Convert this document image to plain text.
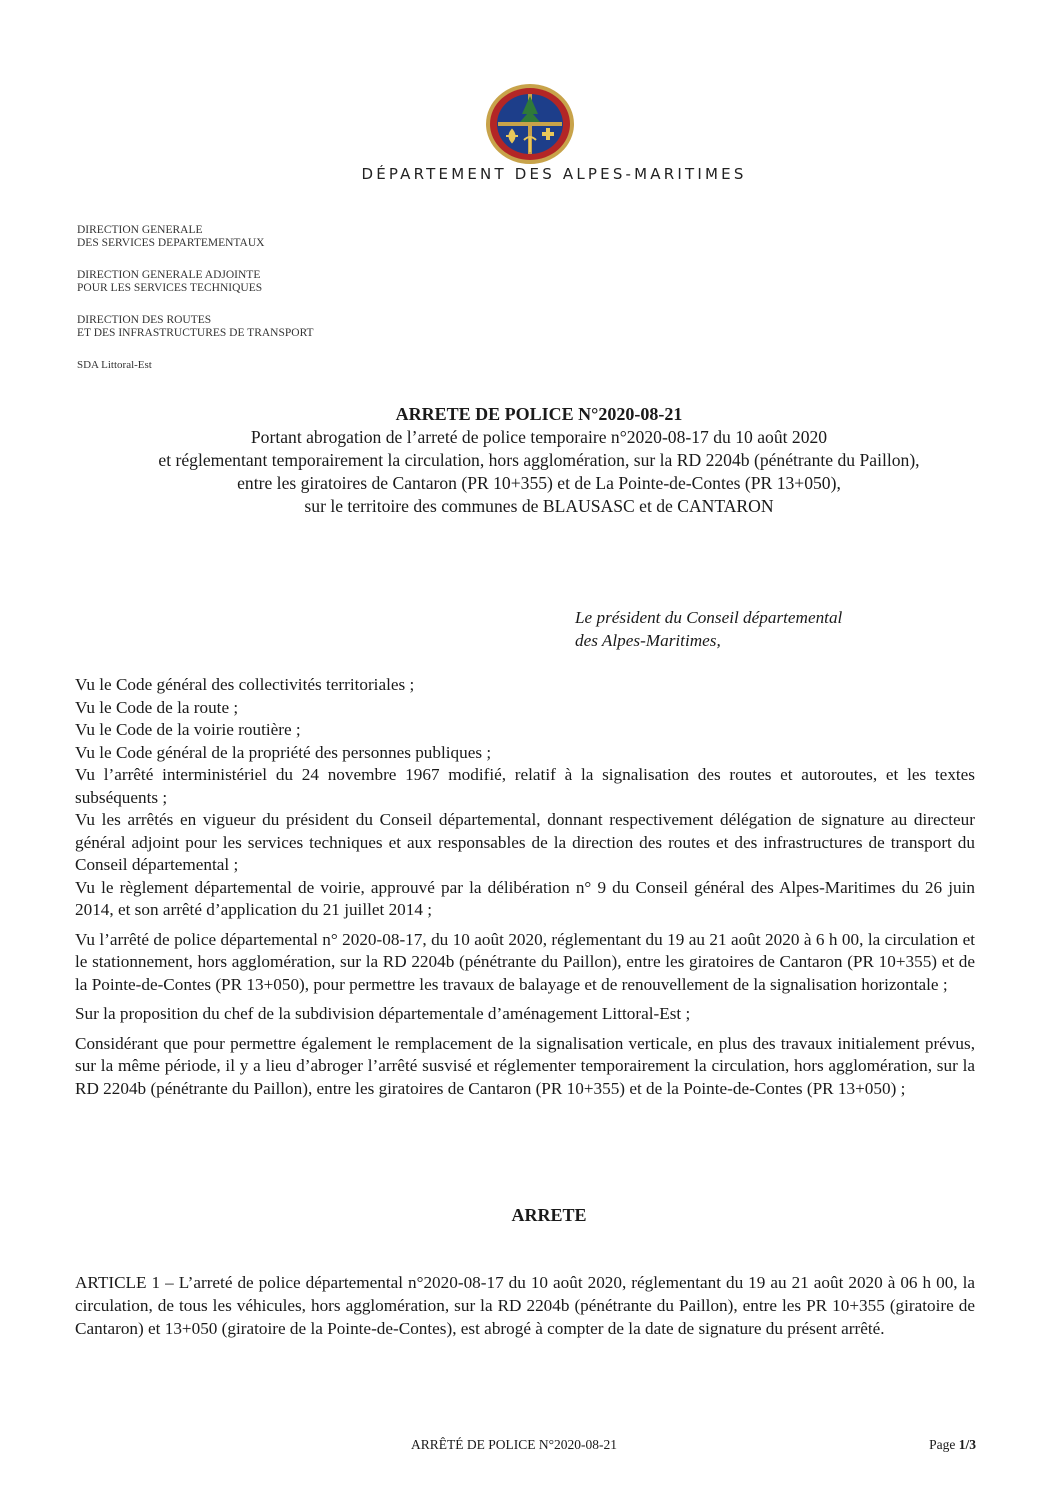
DÉPARTEMENT DES ALPES-MARITIMES
DIRECTION GENERALE
DES SERVICES DEPARTEMENTAUX
DIRECTION GENERALE ADJOINTE
POUR LES SERVICES TECHNIQUES
DIRECTION DES ROUTES
ET DES INFRASTRUCTURES DE TRANSPORT
SDA Littoral-Est
ARRETE DE POLICE N°2020-08-21
Portant abrogation de l’arreté de police temporaire n°2020-08-17 du 10 août 2020
et réglementant temporairement la circulation, hors agglomération, sur la RD 2204b (pénétrante du Paillon),
entre les giratoires de Cantaron (PR 10+355) et de La Pointe-de-Contes (PR 13+050),
sur le territoire des communes de BLAUSASC et de CANTARON
Le président du Conseil départemental
des Alpes-Maritimes,

Vu le Code général des collectivités territoriales ;

Vu le Code de la route ;

Vu le Code de la voirie routière ;

Vu le Code général de la propriété des personnes publiques ;

Vu l’arrêté interministériel du 24 novembre 1967 modifié, relatif à la signalisation des routes et autoroutes, et les textes subséquents ;

Vu les arrêtés en vigueur du président du Conseil départemental, donnant respectivement délégation de signature au directeur général adjoint pour les services techniques et aux responsables de la direction des routes et des infrastructures de transport du Conseil départemental ;

Vu le règlement départemental de voirie, approuvé par la délibération n° 9 du Conseil général des Alpes-Maritimes du 26 juin 2014, et son arrêté d’application du 21 juillet 2014 ;

Vu l’arrêté de police départemental n° 2020-08-17, du 10 août 2020, réglementant du 19 au 21 août 2020 à 6 h 00, la circulation et le stationnement, hors agglomération, sur la RD 2204b (pénétrante du Paillon), entre les giratoires de Cantaron (PR 10+355) et de la Pointe-de-Contes (PR 13+050), pour permettre les travaux de balayage et de renouvellement de la signalisation horizontale ;

Sur la proposition du chef de la subdivision départementale d’aménagement Littoral-Est ;

Considérant que pour permettre également le remplacement de la signalisation verticale, en plus des travaux initialement prévus, sur la même période, il y a lieu d’abroger l’arrêté susvisé et réglementer temporairement la circulation, hors agglomération, sur la RD 2204b (pénétrante du Paillon), entre les giratoires de Cantaron (PR 10+355) et de la Pointe-de-Contes (PR 13+050) ;

ARRETE
ARTICLE 1 – L’arreté de police départemental n°2020-08-17 du 10 août 2020, réglementant du 19 au 21 août 2020 à 06 h 00, la circulation, de tous les véhicules, hors agglomération, sur la RD 2204b (pénétrante du Paillon), entre les PR 10+355 (giratoire de Cantaron) et 13+050 (giratoire de la Pointe-de-Contes), est abrogé à compter de la date de signature du présent arrêté.
ARRÊTÉ DE POLICE N°2020-08-21	Page 1/3
